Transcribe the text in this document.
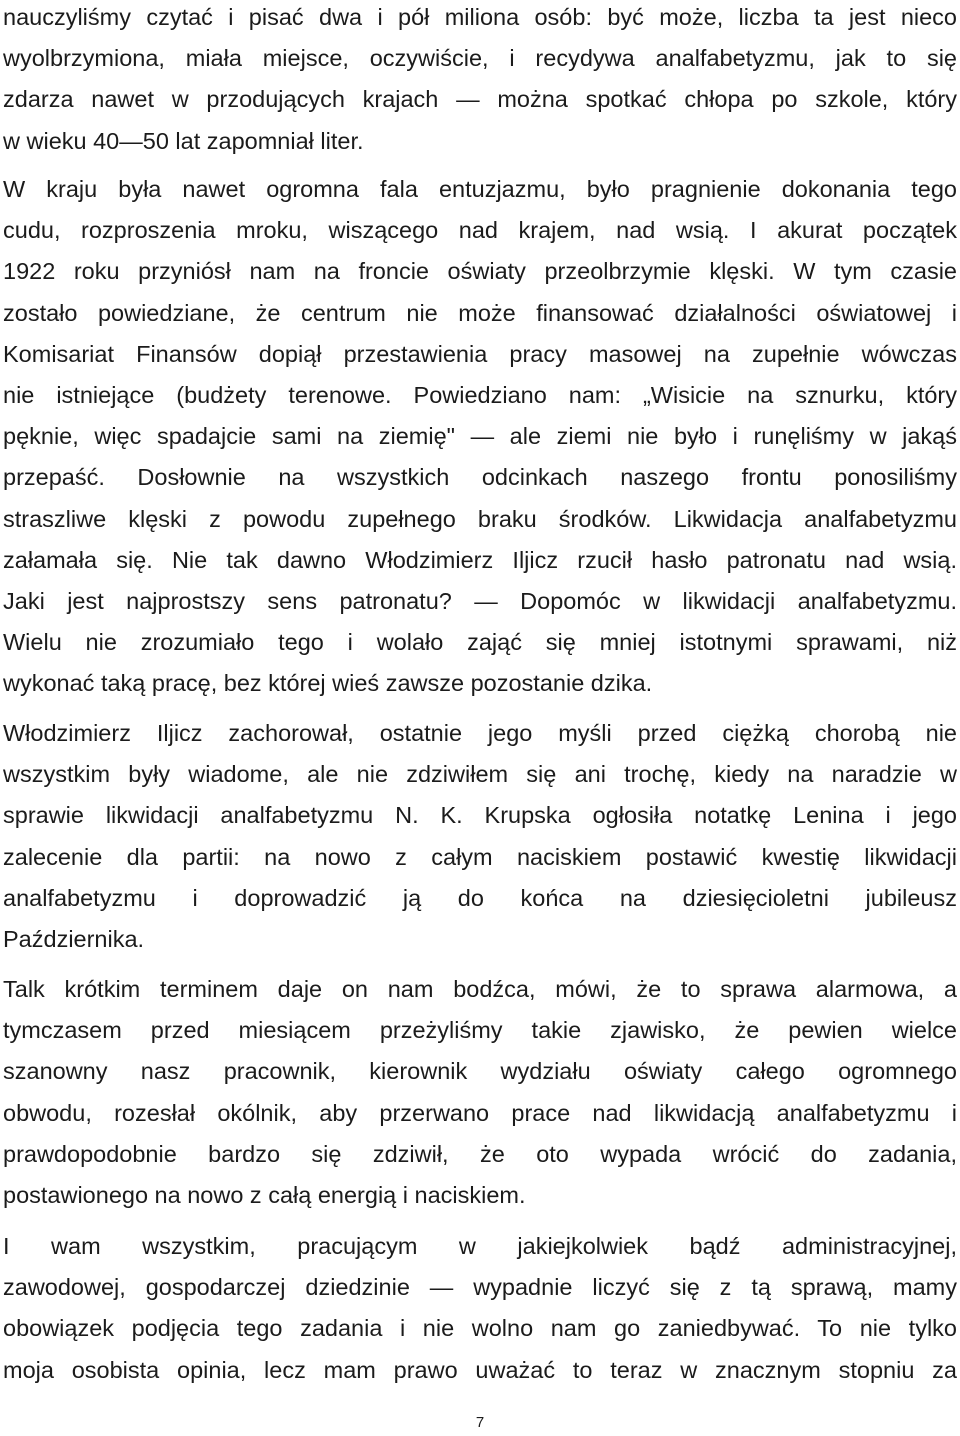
nauczyliśmy czytać i pisać dwa i pół miliona osób: być może, liczba ta jest nieco
wyolbrzymiona, miała miejsce, oczywiście, i recydywa analfabetyzmu, jak to się
zdarza nawet w przodujących krajach — można spotkać chłopa po szkole, który
w wieku 40—50 lat zapomniał liter.
W kraju była nawet ogromna fala entuzjazmu, było pragnienie dokonania tego
cudu, rozproszenia mroku, wiszącego nad krajem, nad wsią. I akurat początek
1922 roku przyniósł nam na froncie oświaty przeolbrzymie klęski. W tym czasie
zostało powiedziane, że centrum nie może finansować działalności oświatowej i
Komisariat Finansów dopiął przestawienia pracy masowej na zupełnie wówczas
nie istniejące (budżety terenowe. Powiedziano nam: „Wisicie na sznurku, który
pęknie, więc spadajcie sami na ziemię" — ale ziemi nie było i runęliśmy w jakąś
przepaść. Dosłownie na wszystkich odcinkach naszego frontu ponosiliśmy
straszliwe klęski z powodu zupełnego braku środków. Likwidacja analfabetyzmu
załamała się. Nie tak dawno Włodzimierz Iljicz rzucił hasło patronatu nad wsią.
Jaki jest najprostszy sens patronatu? — Dopomóc w likwidacji analfabetyzmu.
Wielu nie zrozumiało tego i wolało zająć się mniej istotnymi sprawami, niż
wykonać taką pracę, bez której wieś zawsze pozostanie dzika.
Włodzimierz Iljicz zachorował, ostatnie jego myśli przed ciężką chorobą nie
wszystkim były wiadome, ale nie zdziwiłem się ani trochę, kiedy na naradzie w
sprawie likwidacji analfabetyzmu N. K. Krupska ogłosiła notatkę Lenina i jego
zalecenie dla partii: na nowo z całym naciskiem postawić kwestię likwidacji
analfabetyzmu i doprowadzić ją do końca na dziesięcioletni jubileusz
Października.
Talk krótkim terminem daje on nam bodźca, mówi, że to sprawa alarmowa, a
tymczasem przed miesiącem przeżyliśmy takie zjawisko, że pewien wielce
szanowny nasz pracownik, kierownik wydziału oświaty całego ogromnego
obwodu, rozesłał okólnik, aby przerwano prace nad likwidacją analfabetyzmu i
prawdopodobnie bardzo się zdziwił, że oto wypada wrócić do zadania,
postawionego na nowo z całą energią i naciskiem.
I wam wszystkim, pracującym w jakiejkolwiek bądź administracyjnej,
zawodowej, gospodarczej dziedzinie — wypadnie liczyć się z tą sprawą, mamy
obowiązek podjęcia tego zadania i nie wolno nam go zaniedbywać. To nie tylko
moja osobista opinia, lecz mam prawo uważać to teraz w znacznym stopniu za
7
